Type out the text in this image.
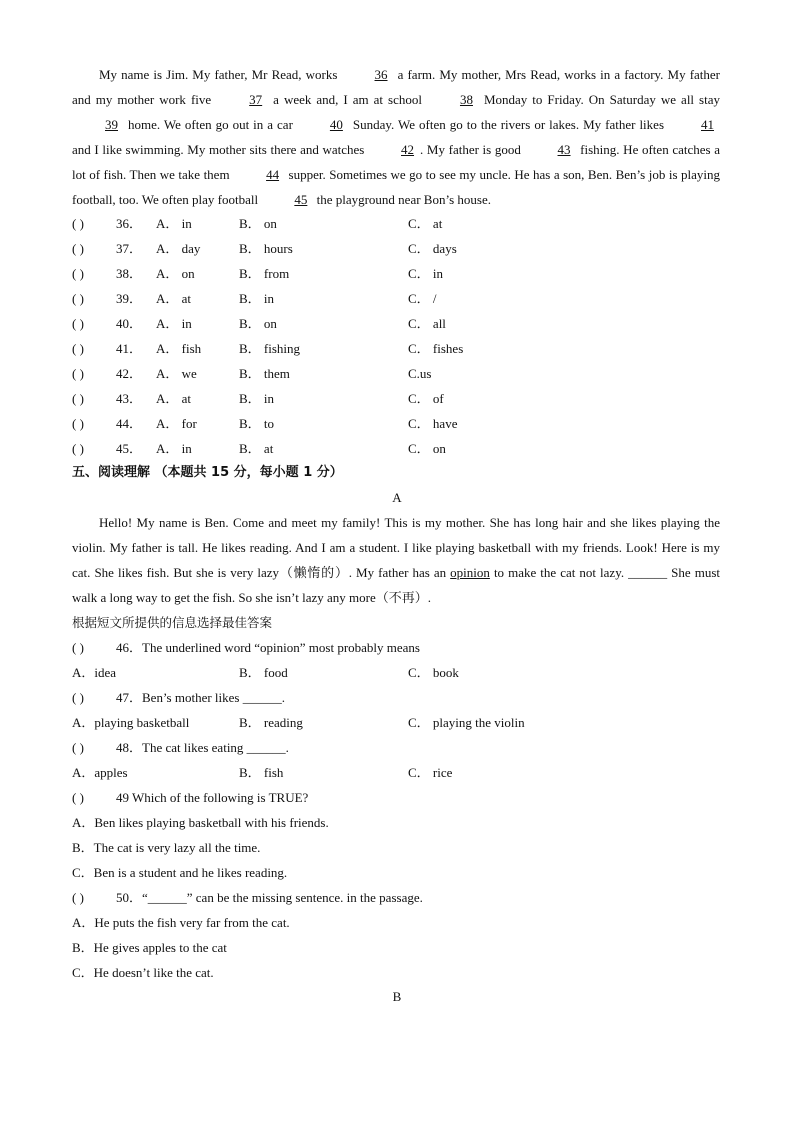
My name is Jim. My father, Mr Read, works	36 a farm. My mother, Mrs Read, works in a factory. My father and my mother work five	37 a week and, I am at school	38 Monday to Friday. On Saturday we all stay 39 home. We often go out in a car	40 Sunday. We often go to the rivers or lakes. My father likes	41 and I like swimming. My mother sits there and watches	42 . My father is good	43 fishing. He often catches a lot of fish. Then we take them	44 supper. Sometimes we go to see my uncle. He has a son, Ben. Ben’s job is playing football, too. We often play football	45 the playground near Bon’s house.

( ) 36． A． in	B． on	C． at
( ) 37． A． day	B． hours	C． days
( ) 38． A． on	B． from	C． in
( ) 39． A． at	B． in	C． /
( ) 40． A． in	B． on	C． all
( ) 41． A． fish	B． fishing	C． fishes
( ) 42． A． we	B． them	C.us
( ) 43． A． at	B． in	C． of
( ) 44． A． for	B． to	C． have
( ) 45． A． in	B． at	C． on
五、阅读理解 （本题共 15 分，每小题 1 分）
A

Hello! My name is Ben. Come and meet my family! This is my mother. She has long hair and she likes playing the violin. My father is tall. He likes reading. And I am a student. I like playing basketball with my friends. Look! Here is my cat. She likes fish. But she is very lazy（懒惰的）. My father has an opinion to make the cat not lazy. ______ She must walk a long way to get the fish. So she isn’t lazy any more（不再）.

根据短文所提供的信息选择最佳答案
( ) 46．The underlined word “opinion” most probably means
A．idea	B． food	C． book
( ) 47．Ben’s mother likes ______.
A．playing basketball	B． reading	C． playing the violin
( ) 48．The cat likes eating ______.
A．apples	B． fish	C． rice
( ) 49 Which of the following is TRUE?
A．Ben likes playing basketball with his friends.
B．The cat is very lazy all the time.
C．Ben is a student and he likes reading.
( ) 50．“______” can be the missing sentence. in the passage.
A．He puts the fish very far from the cat.
B．He gives apples to the cat
C．He doesn’t like the cat.
B
